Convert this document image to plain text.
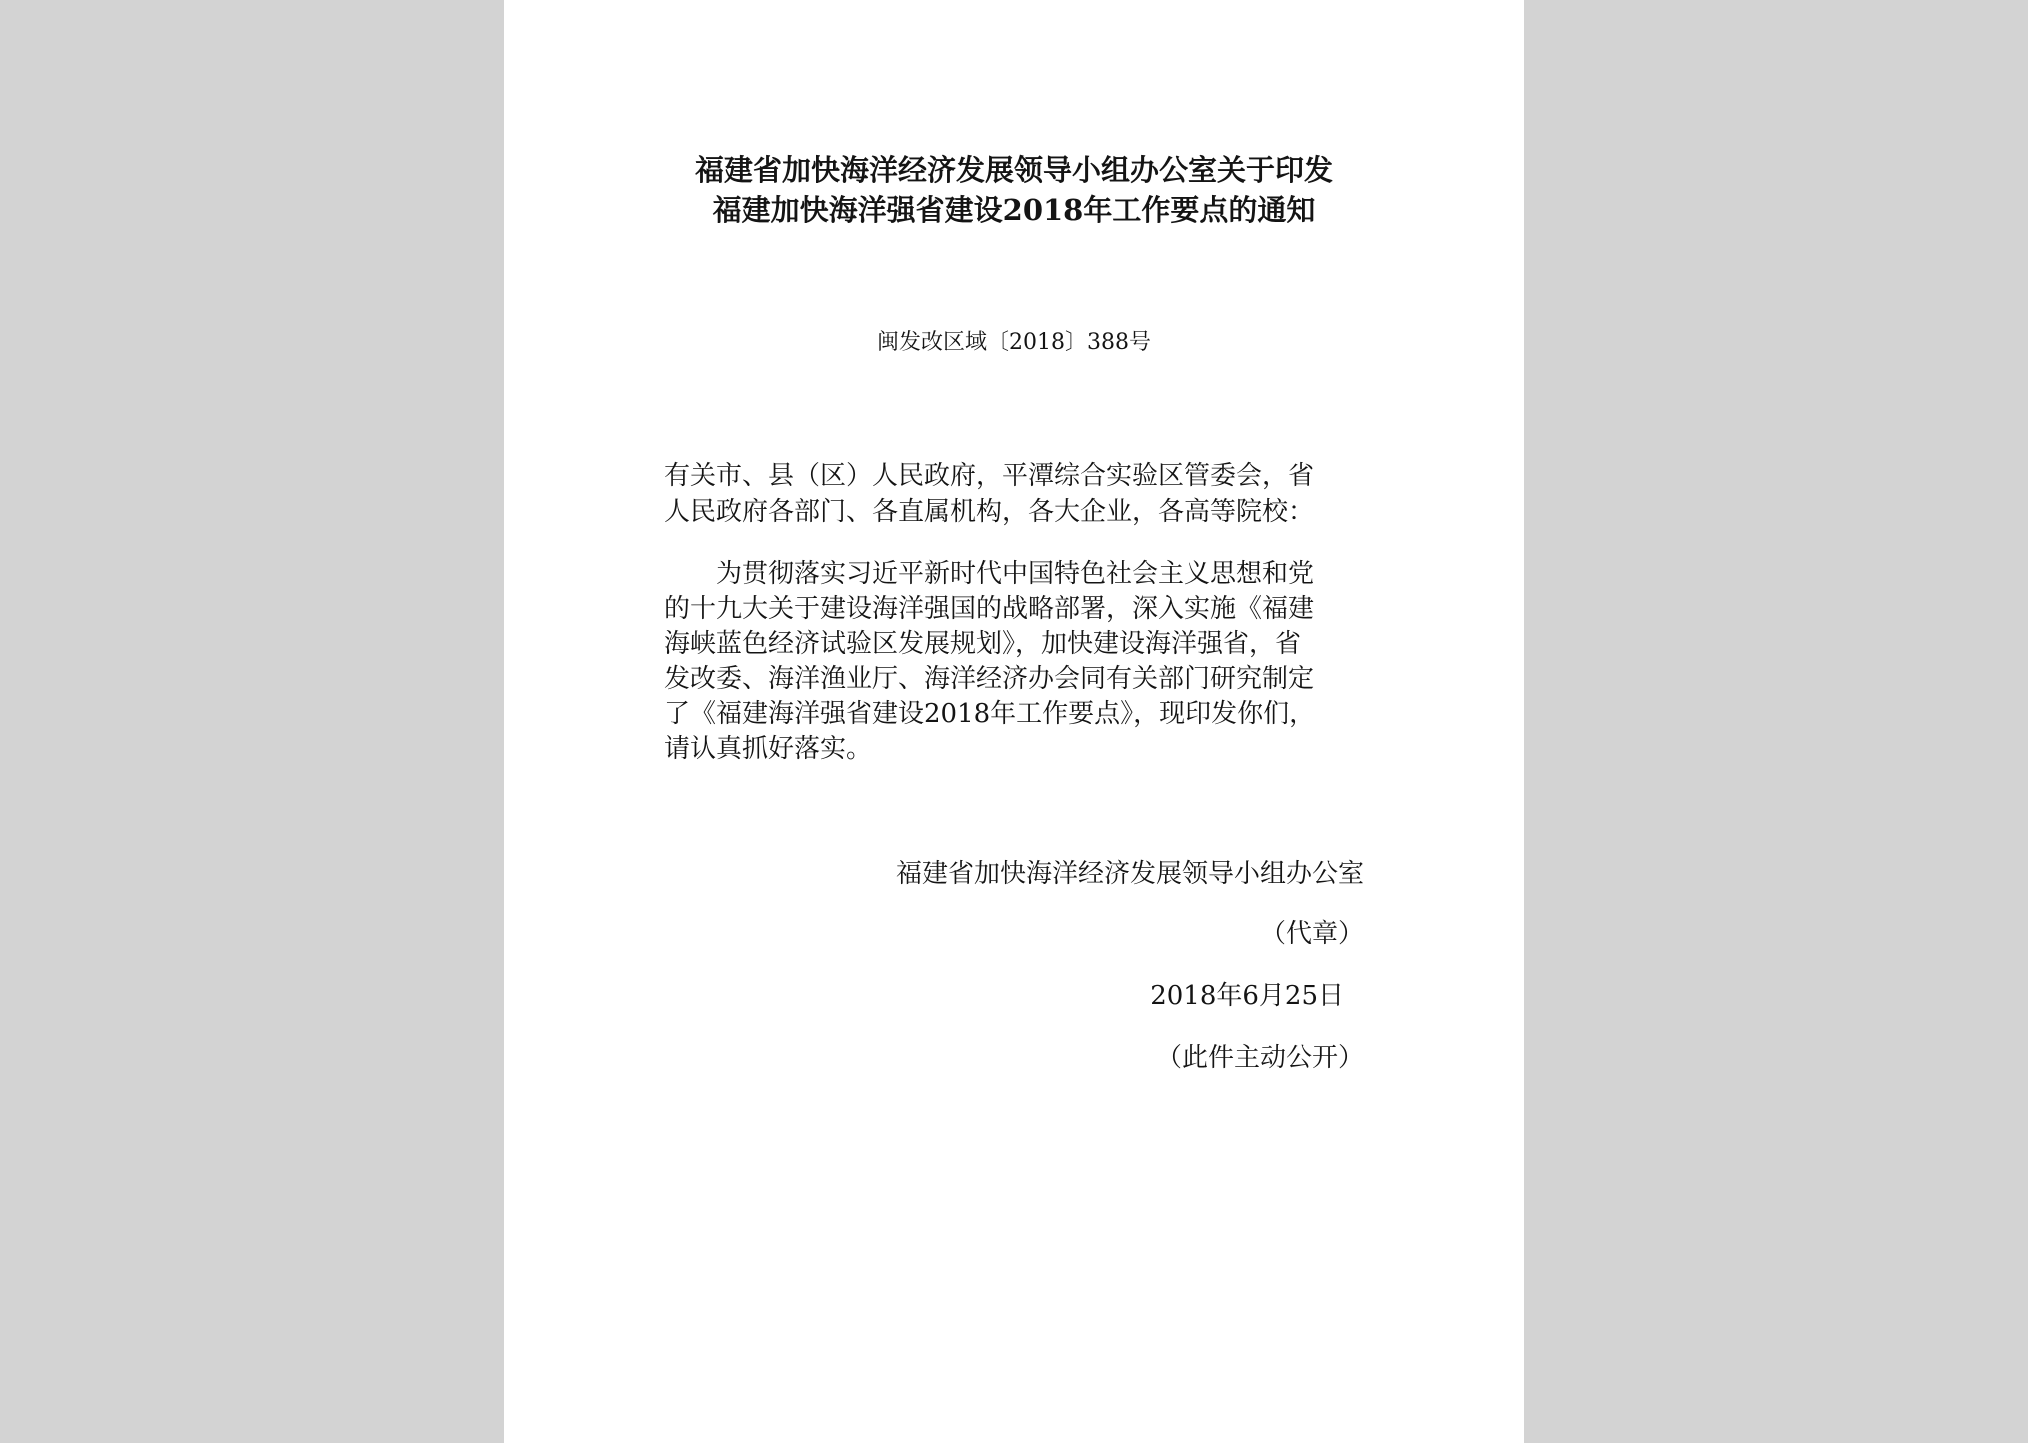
福建省加快海洋经济发展领导小组办公室关于印发
福建加快海洋强省建设2018年工作要点的通知
闽发改区域〔2018〕388号
有关市、县（区）人民政府，平潭综合实验区管委会，省
人民政府各部门、各直属机构，各大企业，各高等院校：
　　为贯彻落实习近平新时代中国特色社会主义思想和党
的十九大关于建设海洋强国的战略部署，深入实施《福建
海峡蓝色经济试验区发展规划》，加快建设海洋强省，省
发改委、海洋渔业厅、海洋经济办会同有关部门研究制定
了《福建海洋强省建设2018年工作要点》，现印发你们，
请认真抓好落实。
福建省加快海洋经济发展领导小组办公室
（代章）
2018年6月25日
（此件主动公开）
